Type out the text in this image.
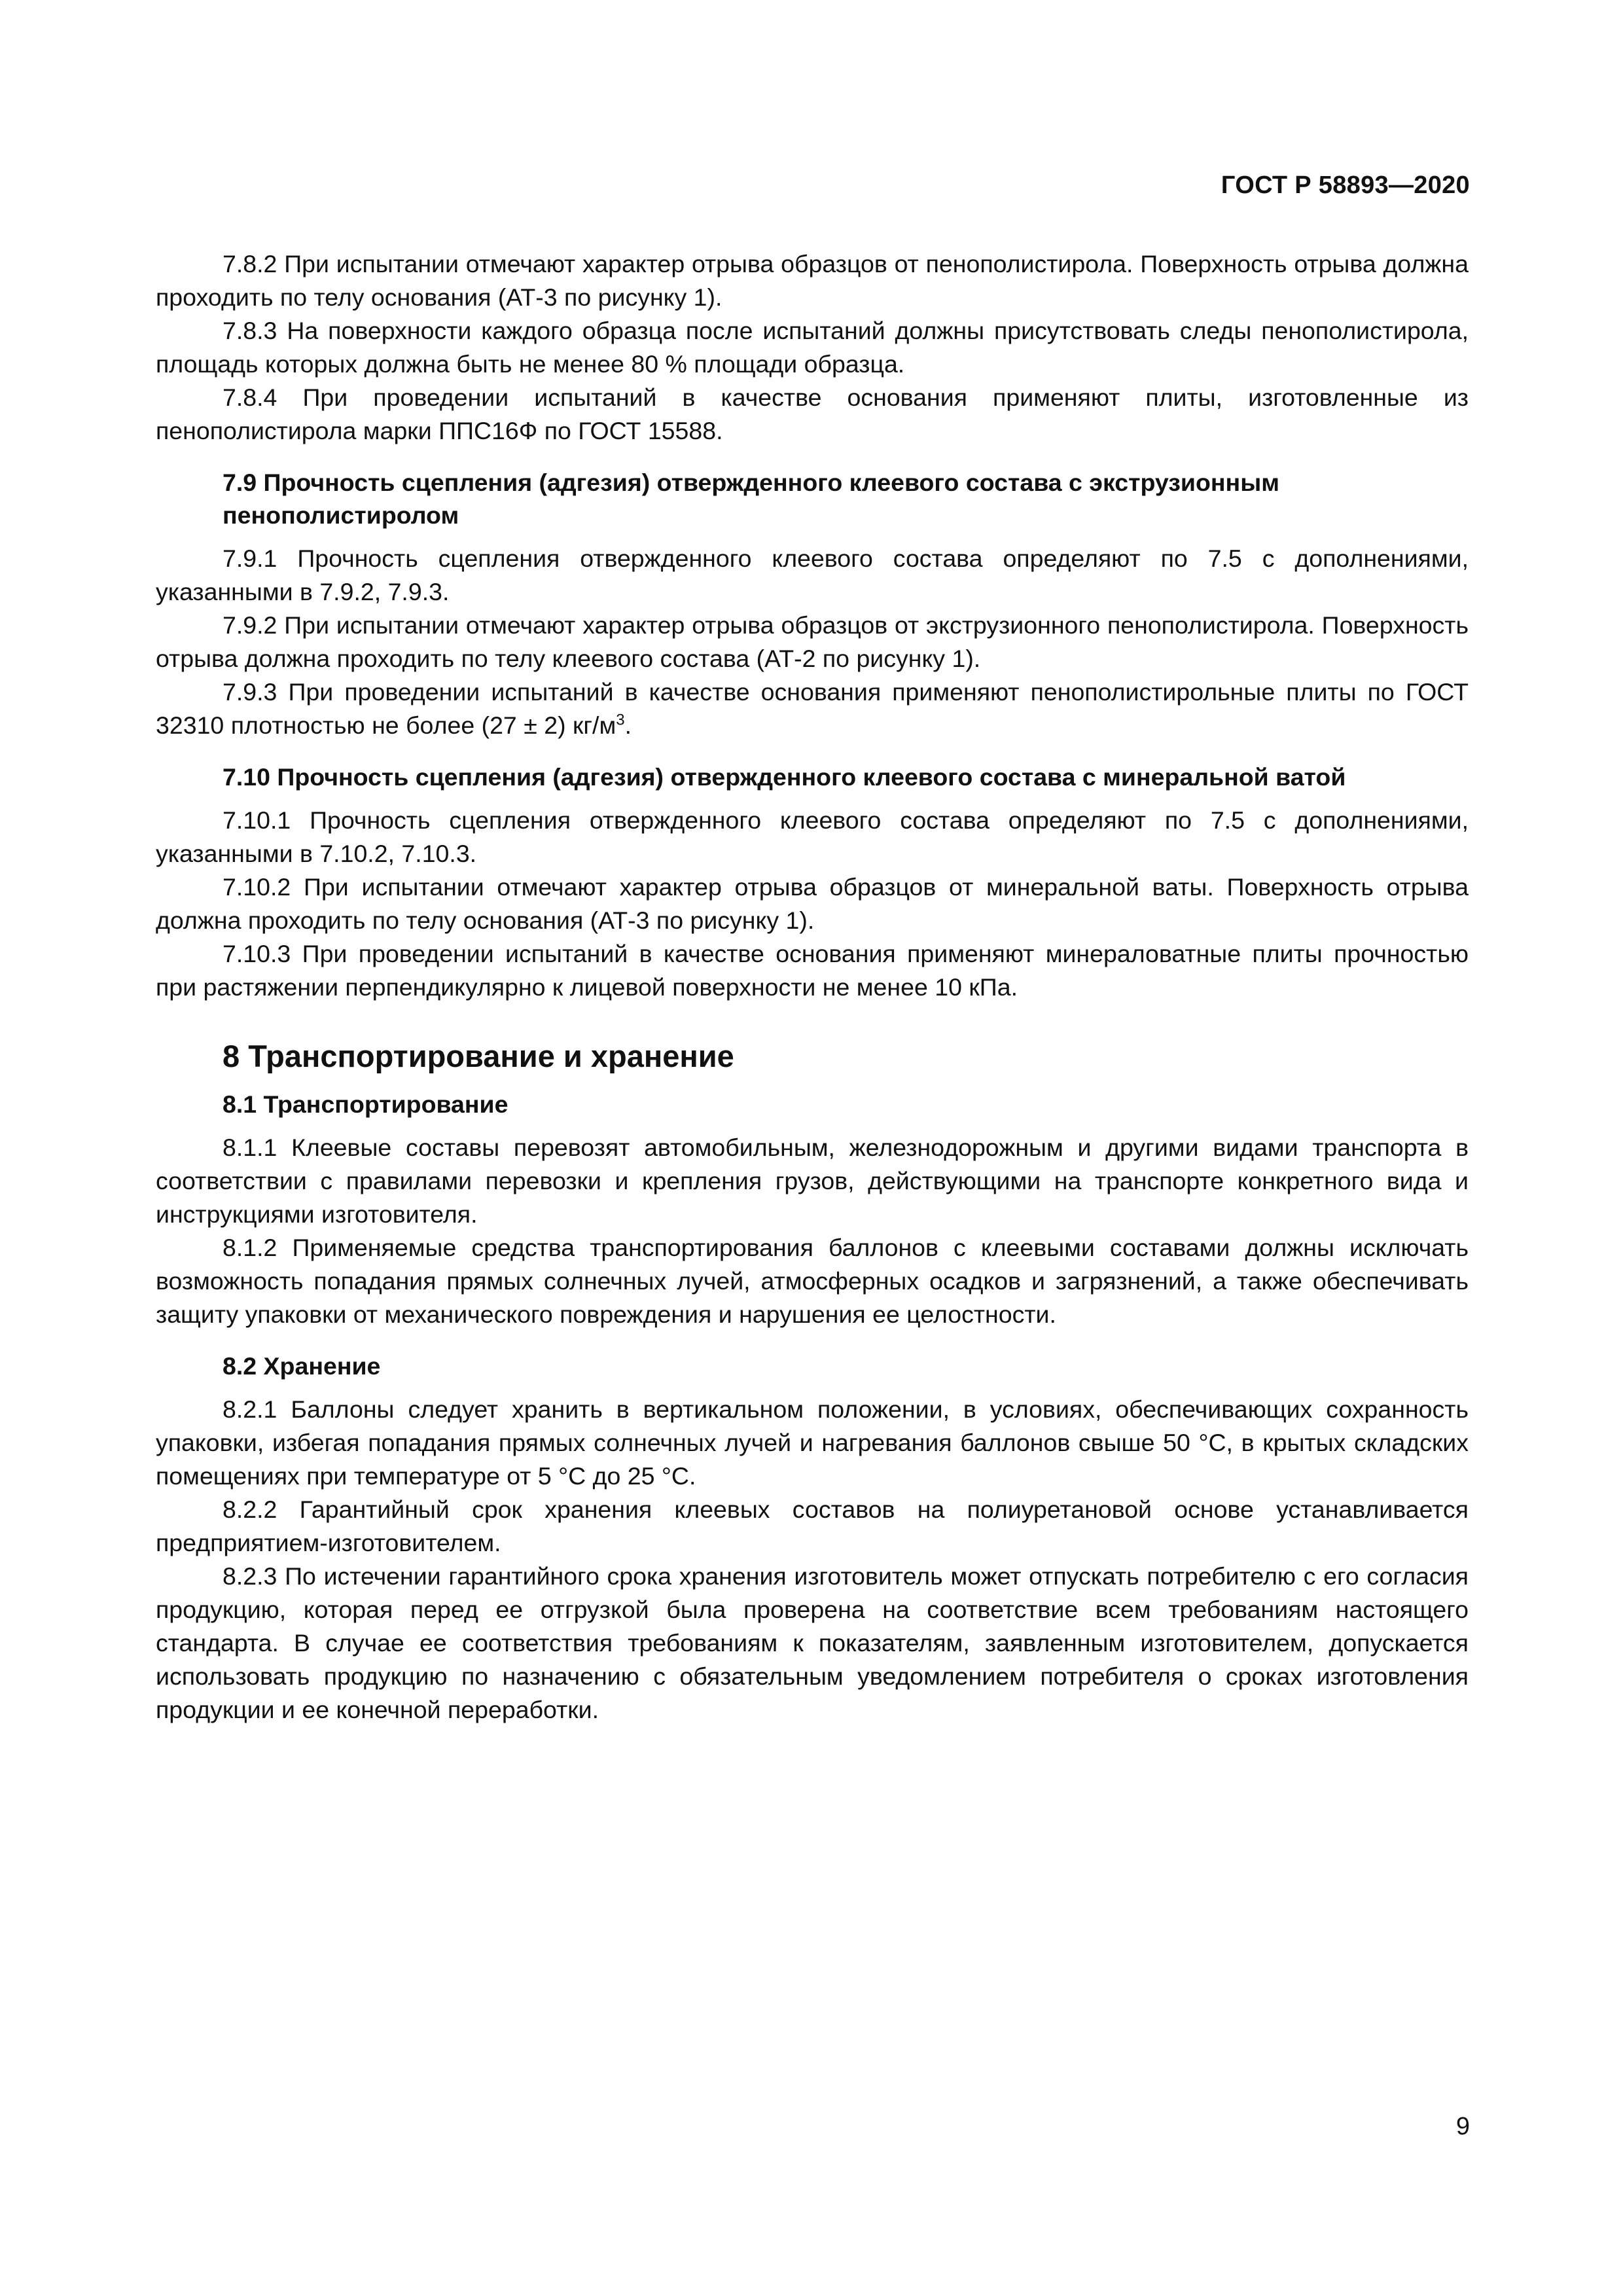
ГОСТ Р 58893—2020

7.8.2 При испытании отмечают характер отрыва образцов от пенополистирола. Поверхность отрыва должна проходить по телу основания (АТ-3 по рисунку 1).

7.8.3 На поверхности каждого образца после испытаний должны присутствовать следы пенополистирола, площадь которых должна быть не менее 80 % площади образца.

7.8.4 При проведении испытаний в качестве основания применяют плиты, изготовленные из пенополистирола марки ППС16Ф по ГОСТ 15588.

7.9 Прочность сцепления (адгезия) отвержденного клеевого состава с экструзионным пенополистиролом

7.9.1 Прочность сцепления отвержденного клеевого состава определяют по 7.5 с дополнениями, указанными в 7.9.2, 7.9.3.

7.9.2 При испытании отмечают характер отрыва образцов от экструзионного пенополистирола. Поверхность отрыва должна проходить по телу клеевого состава (АТ-2 по рисунку 1).

7.9.3 При проведении испытаний в качестве основания применяют пенополистирольные плиты по ГОСТ 32310 плотностью не более (27 ± 2) $кг/м^3$.

7.10 Прочность сцепления (адгезия) отвержденного клеевого состава с минеральной ватой

7.10.1 Прочность сцепления отвержденного клеевого состава определяют по 7.5 с дополнениями, указанными в 7.10.2, 7.10.3.

7.10.2 При испытании отмечают характер отрыва образцов от минеральной ваты. Поверхность отрыва должна проходить по телу основания (АТ-3 по рисунку 1).

7.10.3 При проведении испытаний в качестве основания применяют минераловатные плиты прочностью при растяжении перпендикулярно к лицевой поверхности не менее 10 кПа.

8 Транспортирование и хранение
8.1 Транспортирование

8.1.1 Клеевые составы перевозят автомобильным, железнодорожным и другими видами транспорта в соответствии с правилами перевозки и крепления грузов, действующими на транспорте конкретного вида и инструкциями изготовителя.

8.1.2 Применяемые средства транспортирования баллонов с клеевыми составами должны исключать возможность попадания прямых солнечных лучей, атмосферных осадков и загрязнений, а также обеспечивать защиту упаковки от механического повреждения и нарушения ее целостности.

8.2 Хранение

8.2.1 Баллоны следует хранить в вертикальном положении, в условиях, обеспечивающих сохранность упаковки, избегая попадания прямых солнечных лучей и нагревания баллонов свыше 50 °С, в крытых складских помещениях при температуре от 5 °С до 25 °С.

8.2.2 Гарантийный срок хранения клеевых составов на полиуретановой основе устанавливается предприятием-изготовителем.

8.2.3 По истечении гарантийного срока хранения изготовитель может отпускать потребителю с его согласия продукцию, которая перед ее отгрузкой была проверена на соответствие всем требованиям настоящего стандарта. В случае ее соответствия требованиям к показателям, заявленным изготовителем, допускается использовать продукцию по назначению с обязательным уведомлением потребителя о сроках изготовления продукции и ее конечной переработки.

9
